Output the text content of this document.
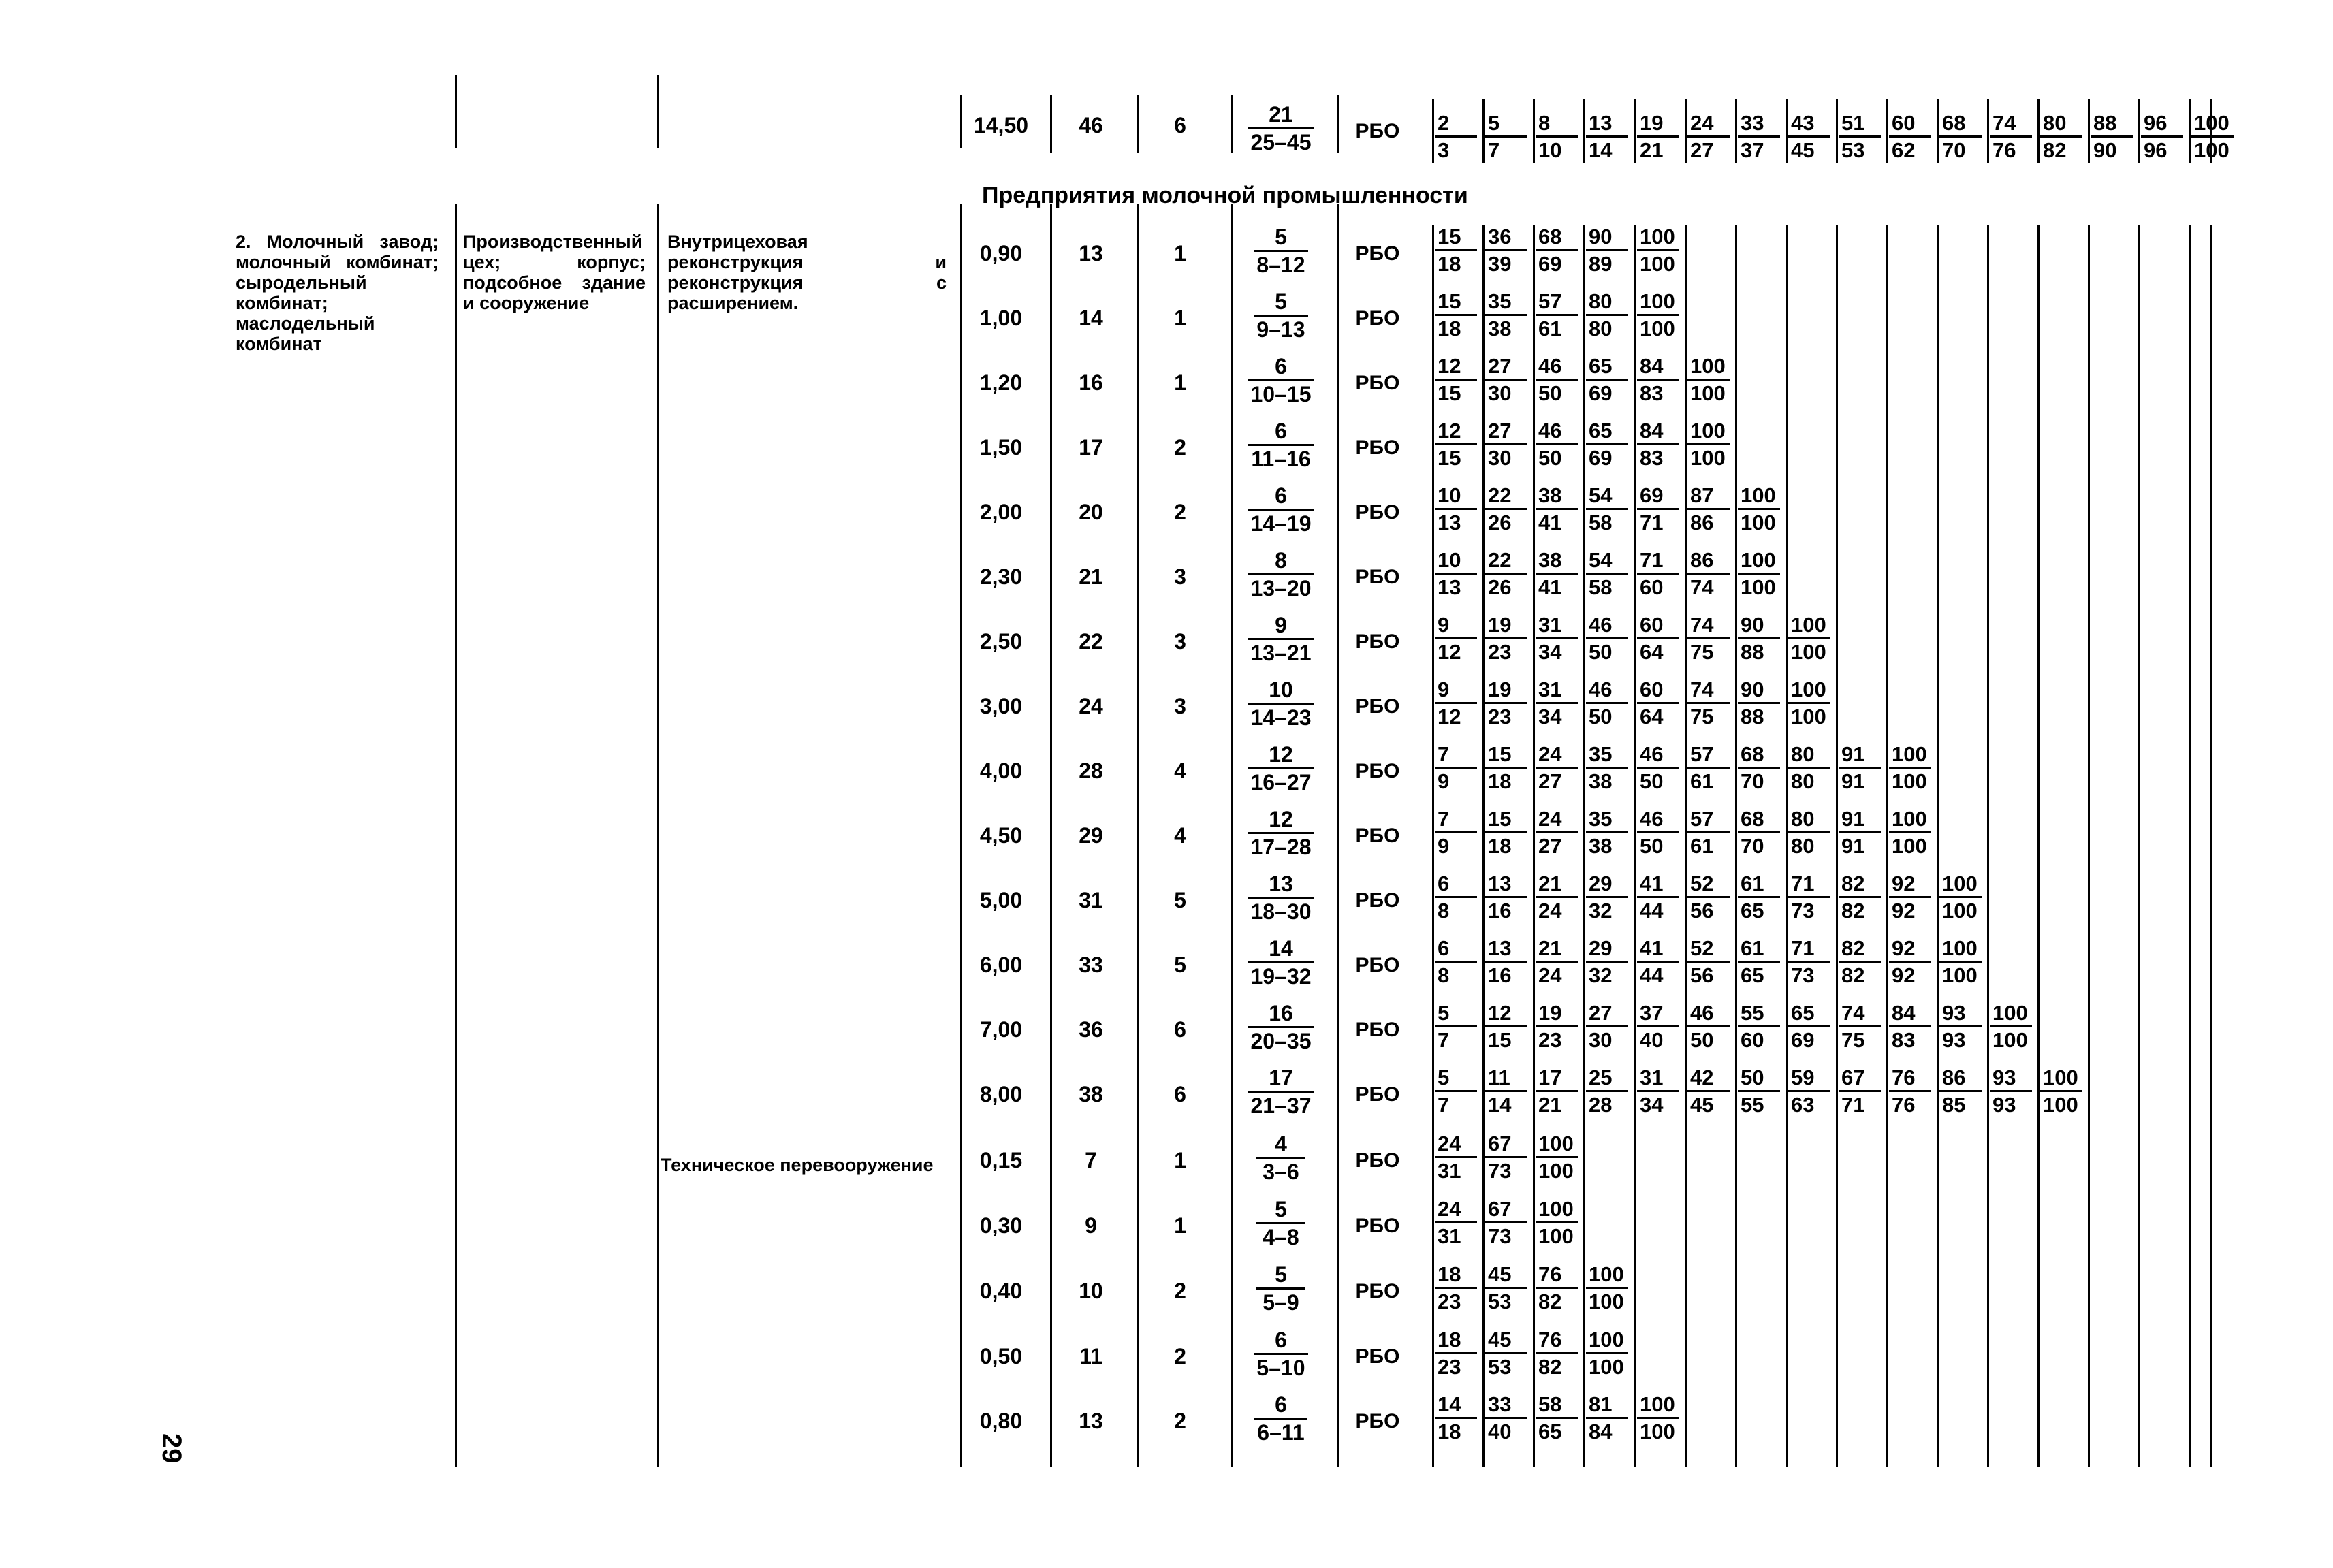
29
14,50	46	6	$\frac{21}{25-45}$	РБО	$\frac{2}{3} \frac{5}{7} \frac{8}{10} \frac{13}{14} \frac{19}{21} \frac{24}{27} \frac{33}{37} \frac{43}{45} \frac{51}{53} \frac{60}{62} \frac{68}{70} \frac{74}{76} \frac{80}{82} \frac{88}{90} \frac{96}{96} \frac{100}{100}$
Предприятия молочной промышленности
2. Молочный завод; молочный комбинат; сыродельный комбинат; маслодельный комбинат
Производственный цех; корпус; подсобное здание и сооружение
Внутрицеховая реконструкция и реконструкция с расширением.
Техническое перевооружение
0,90	13	1	$\frac{5}{8-12}$	РБО	$\frac{15}{18} \frac{36}{39} \frac{68}{69} \frac{90}{89} \frac{100}{100}$
1,00	14	1	$\frac{5}{9-13}$	РБО	$\frac{15}{18} \frac{35}{38} \frac{57}{61} \frac{80}{80} \frac{100}{100}$
1,20	16	1	$\frac{6}{10-15}$	РБО	$\frac{12}{15} \frac{27}{30} \frac{46}{50} \frac{65}{69} \frac{84}{83} \frac{100}{100}$
1,50	17	2	$\frac{6}{11-16}$	РБО	$\frac{12}{15} \frac{27}{30} \frac{46}{50} \frac{65}{69} \frac{84}{83} \frac{100}{100}$
2,00	20	2	$\frac{6}{14-19}$	РБО	$\frac{10}{13} \frac{22}{26} \frac{38}{41} \frac{54}{58} \frac{69}{71} \frac{87}{86} \frac{100}{100}$
2,30	21	3	$\frac{8}{13-20}$	РБО	$\frac{10}{13} \frac{22}{26} \frac{38}{41} \frac{54}{58} \frac{71}{60} \frac{86}{74} \frac{100}{100}$
2,50	22	3	$\frac{9}{13-21}$	РБО	$\frac{9}{12} \frac{19}{23} \frac{31}{34} \frac{46}{50} \frac{60}{64} \frac{74}{75} \frac{90}{88} \frac{100}{100}$
3,00	24	3	$\frac{10}{14-23}$	РБО	$\frac{9}{12} \frac{19}{23} \frac{31}{34} \frac{46}{50} \frac{60}{64} \frac{74}{75} \frac{90}{88} \frac{100}{100}$
4,00	28	4	$\frac{12}{16-27}$	РБО	$\frac{7}{9} \frac{15}{18} \frac{24}{27} \frac{35}{38} \frac{46}{50} \frac{57}{61} \frac{68}{70} \frac{80}{80} \frac{91}{91} \frac{100}{100}$
4,50	29	4	$\frac{12}{17-28}$	РБО	$\frac{7}{9} \frac{15}{18} \frac{24}{27} \frac{35}{38} \frac{46}{50} \frac{57}{61} \frac{68}{70} \frac{80}{80} \frac{91}{91} \frac{100}{100}$
5,00	31	5	$\frac{13}{18-30}$	РБО	$\frac{6}{8} \frac{13}{16} \frac{21}{24} \frac{29}{32} \frac{41}{44} \frac{52}{56} \frac{61}{65} \frac{71}{73} \frac{82}{82} \frac{92}{92} \frac{100}{100}$
6,00	33	5	$\frac{14}{19-32}$	РБО	$\frac{6}{8} \frac{13}{16} \frac{21}{24} \frac{29}{32} \frac{41}{44} \frac{52}{56} \frac{61}{65} \frac{71}{73} \frac{82}{82} \frac{92}{92} \frac{100}{100}$
7,00	36	6	$\frac{16}{20-35}$	РБО	$\frac{5}{7} \frac{12}{15} \frac{19}{23} \frac{27}{30} \frac{37}{40} \frac{46}{50} \frac{55}{60} \frac{65}{69} \frac{74}{75} \frac{84}{83} \frac{93}{93} \frac{100}{100}$
8,00	38	6	$\frac{17}{21-37}$	РБО	$\frac{5}{7} \frac{11}{14} \frac{17}{21} \frac{25}{28} \frac{31}{34} \frac{42}{45} \frac{50}{55} \frac{59}{63} \frac{67}{71} \frac{76}{76} \frac{86}{85} \frac{93}{93} \frac{100}{100}$
0,15	7	1	$\frac{4}{3-6}$	РБО	$\frac{24}{31} \frac{67}{73} \frac{100}{100}$
0,30	9	1	$\frac{5}{4-8}$	РБО	$\frac{24}{31} \frac{67}{73} \frac{100}{100}$
0,40	10	2	$\frac{5}{5-9}$	РБО	$\frac{18}{23} \frac{45}{53} \frac{76}{82} \frac{100}{100}$
0,50	11	2	$\frac{6}{5-10}$	РБО	$\frac{18}{23} \frac{45}{53} \frac{76}{82} \frac{100}{100}$
0,80	13	2	$\frac{6}{6-11}$	РБО	$\frac{14}{18} \frac{33}{40} \frac{58}{65} \frac{81}{84} \frac{100}{100}$
